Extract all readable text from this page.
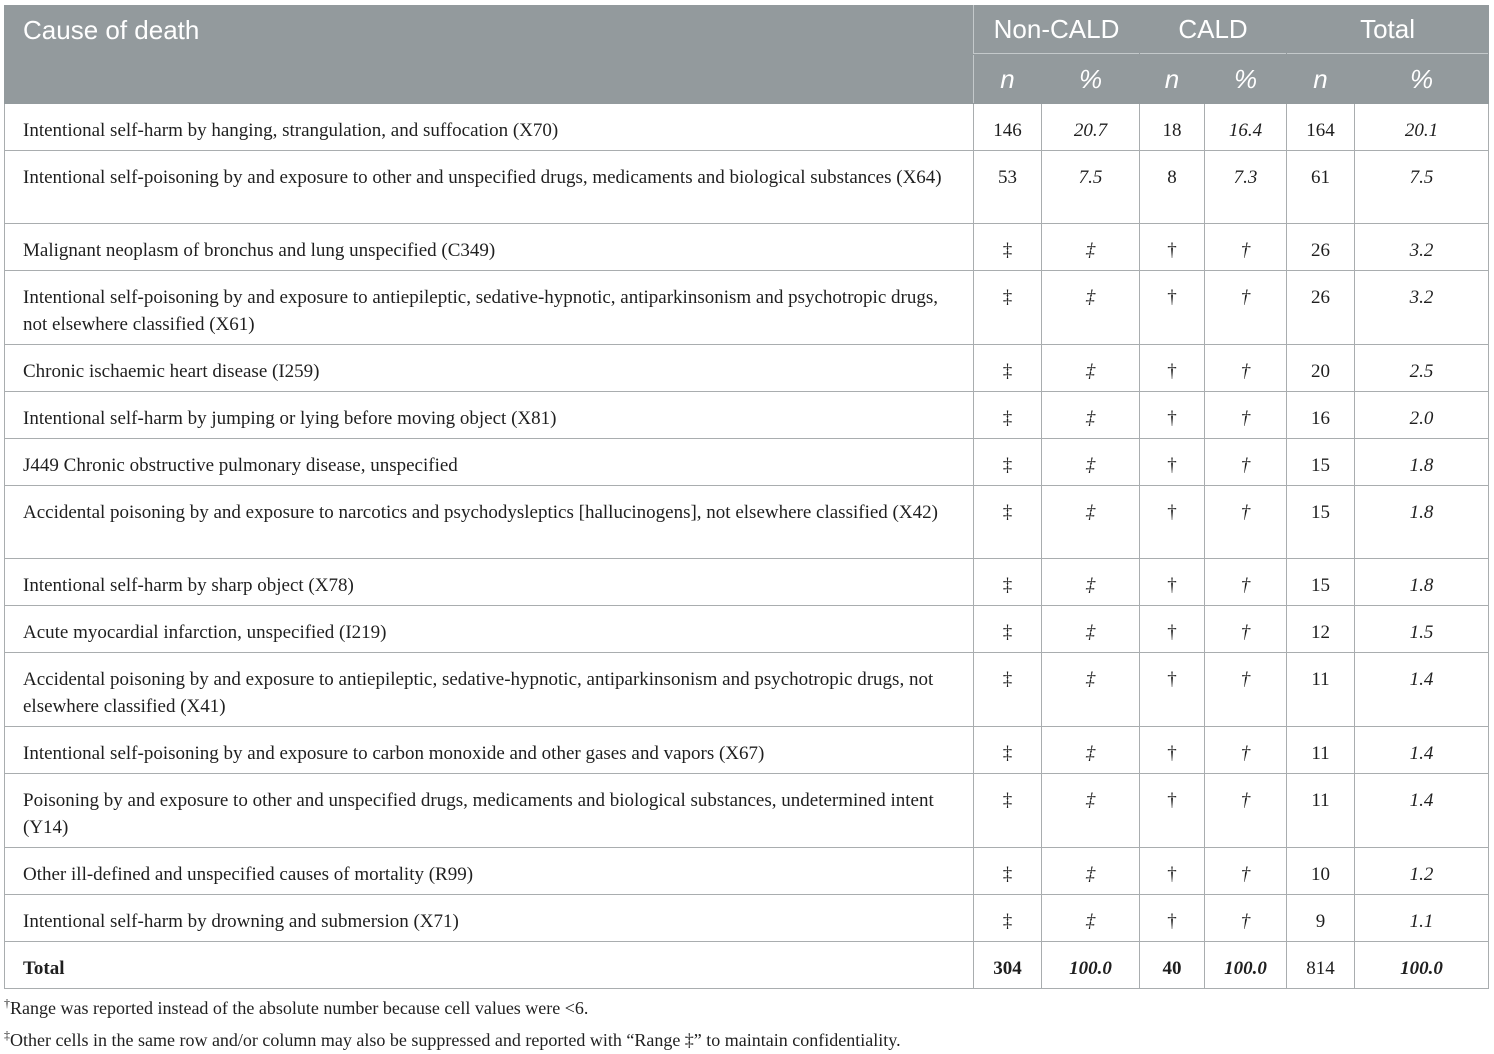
Cause of death	Non-CALD		CALD		Total	
	n	%	n	%	n	%
Intentional self-harm by hanging, strangulation, and suffocation (X70)	146	20.7	18	16.4	164	20.1
Intentional self-poisoning by and exposure to other and unspecified drugs, medicaments and biological substances (X64)	53	7.5	8	7.3	61	7.5
Malignant neoplasm of bronchus and lung unspecified (C349)	‡	‡	†	†	26	3.2
Intentional self-poisoning by and exposure to antiepileptic, sedative-hypnotic, antiparkinsonism and psychotropic drugs, not elsewhere classified (X61)	‡	‡	†	†	26	3.2
Chronic ischaemic heart disease (I259)	‡	‡	†	†	20	2.5
Intentional self-harm by jumping or lying before moving object (X81)	‡	‡	†	†	16	2.0
J449 Chronic obstructive pulmonary disease, unspecified	‡	‡	†	†	15	1.8
Accidental poisoning by and exposure to narcotics and psychodysleptics [hallucinogens], not elsewhere classified (X42)	‡	‡	†	†	15	1.8
Intentional self-harm by sharp object (X78)	‡	‡	†	†	15	1.8
Acute myocardial infarction, unspecified (I219)	‡	‡	†	†	12	1.5
Accidental poisoning by and exposure to antiepileptic, sedative-hypnotic, antiparkinsonism and psychotropic drugs, not elsewhere classified (X41)	‡	‡	†	†	11	1.4
Intentional self-poisoning by and exposure to carbon monoxide and other gases and vapors (X67)	‡	‡	†	†	11	1.4
Poisoning by and exposure to other and unspecified drugs, medicaments and biological substances, undetermined intent (Y14)	‡	‡	†	†	11	1.4
Other ill-defined and unspecified causes of mortality (R99)	‡	‡	†	†	10	1.2
Intentional self-harm by drowning and submersion (X71)	‡	‡	†	†	9	1.1
Total	304	100.0	40	100.0	814	100.0
†Range was reported instead of the absolute number because cell values were <6.
‡Other cells in the same row and/or column may also be suppressed and reported with “Range ‡” to maintain confidentiality.
